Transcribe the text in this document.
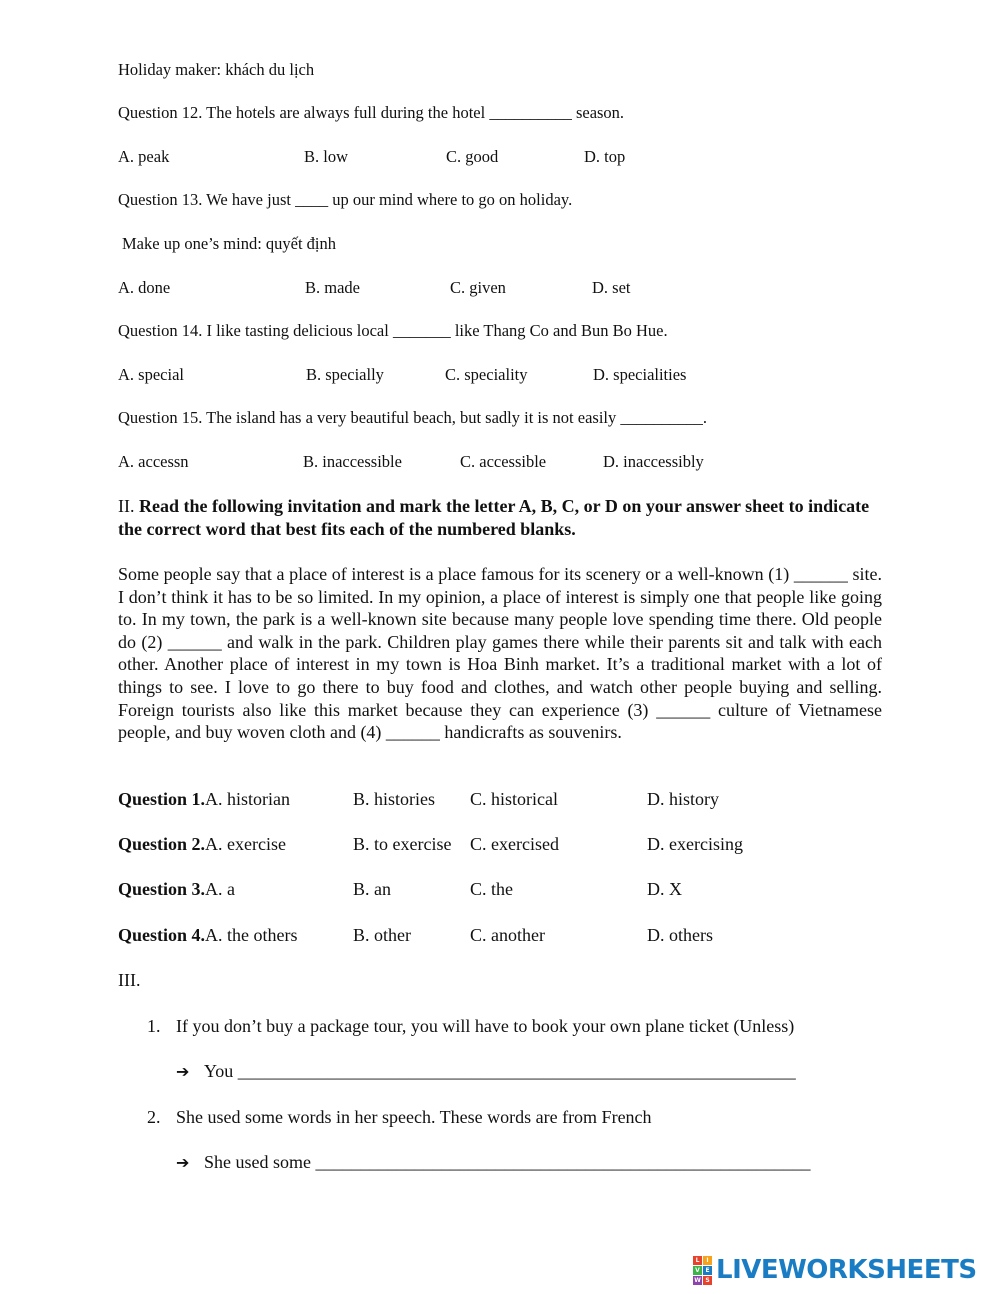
Holiday maker: khách du lịch
Question 12. The hotels are always full during the hotel __________ season.
A. peak	B. low	C. good	D. top
Question 13. We have just ____ up our mind where to go on holiday.
Make up one’s mind: quyết định
A. done	B. made	C. given	D. set
Question 14. I like tasting delicious local _______ like Thang Co and Bun Bo Hue.
A. special	B. specially	C. speciality	D. specialities
Question 15. The island has a very beautiful beach, but sadly it is not easily __________.
A. accessn	B. inaccessible	C. accessible	D. inaccessibly
II. Read the following invitation and mark the letter A, B, C, or D on your answer sheet to indicate the correct word that best fits each of the numbered blanks.
Some people say that a place of interest is a place famous for its scenery or a well-known (1) ______ site. I don’t think it has to be so limited. In my opinion, a place of interest is simply one that people like going to. In my town, the park is a well-known site because many people love spending time there. Old people do (2) ______ and walk in the park. Children play games there while their parents sit and talk with each other. Another place of interest in my town is Hoa Binh market. It’s a traditional market with a lot of things to see. I love to go there to buy food and clothes, and watch other people buying and selling. Foreign tourists also like this market because they can experience (3) ______ culture of Vietnamese people, and buy woven cloth and (4) ______ handicrafts as souvenirs.
Question 1.A. historian	B. histories C. historical	D. history
Question 2.A. exercise	B. to exercise C. exercised	D. exercising
Question 3.A. a	B. an	C. the	D. X
Question 4.A. the others	B. other	C. another	D. others
III.
1. If you don’t buy a package tour, you will have to book your own plane ticket (Unless)
➔ You ______________________________________________________________
2. She used some words in her speech. These words are from French
➔ She used some _______________________________________________________
L	I
V E
W S LIVEWORKSHEETS
